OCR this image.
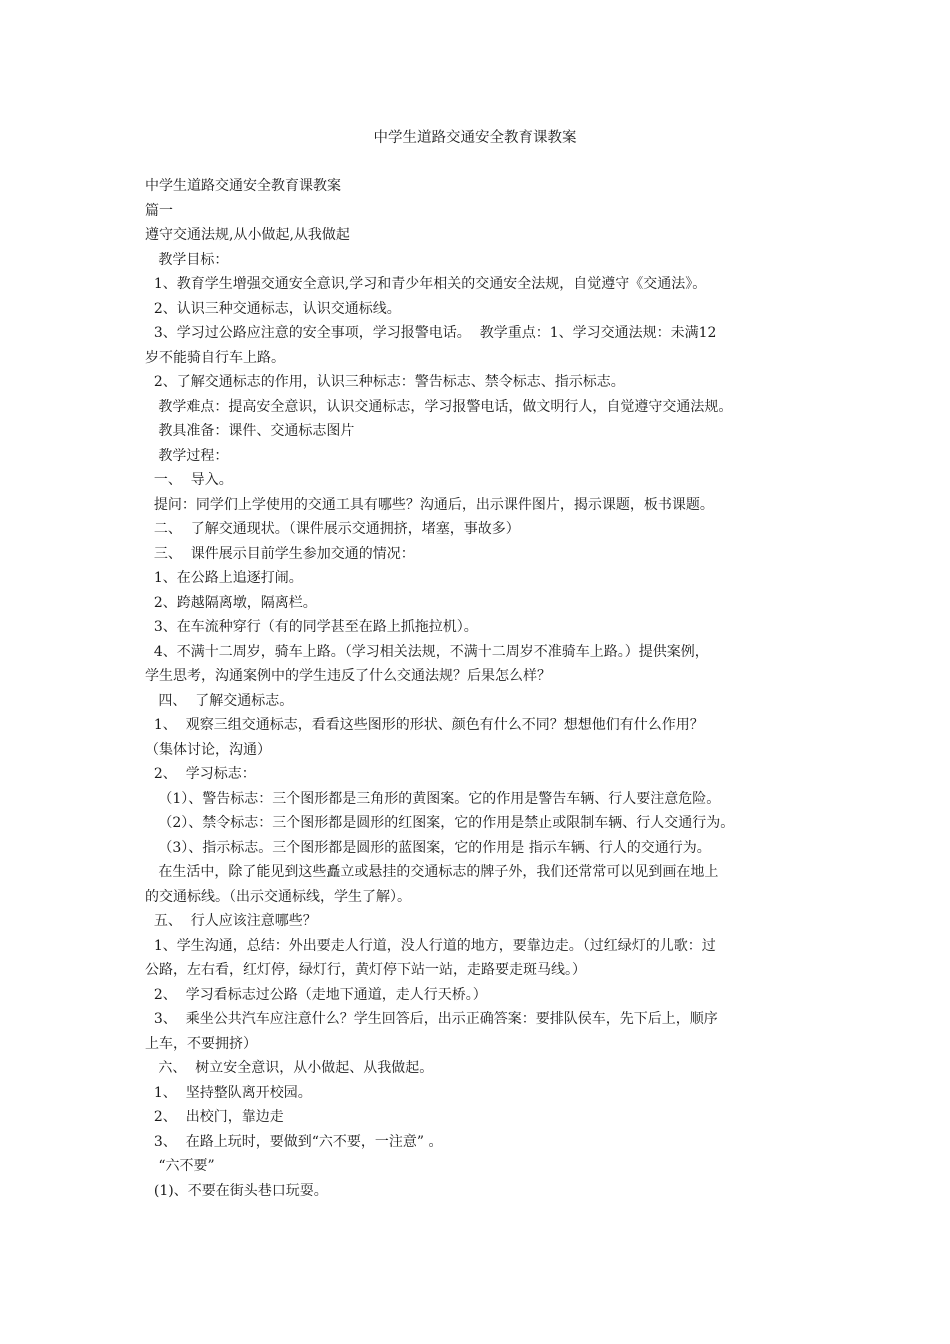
中学生道路交通安全教育课教案
中学生道路交通安全教育课教案
篇一
遵守交通法规,从小做起,从我做起
教学目标：
1、教育学生增强交通安全意识,学习和青少年相关的交通安全法规，自觉遵守《交通法》。
2、认识三种交通标志，认识交通标线。
3、学习过公路应注意的安全事项，学习报警电话。  教学重点：1、学习交通法规：未满12
岁不能骑自行车上路。
2、了解交通标志的作用，认识三种标志：警告标志、禁令标志、指示标志。
教学难点：提高安全意识，认识交通标志，学习报警电话，做文明行人，自觉遵守交通法规。
教具准备：课件、交通标志图片
教学过程：
一、  导入。
提问：同学们上学使用的交通工具有哪些？沟通后，出示课件图片，揭示课题，板书课题。
二、  了解交通现状。（课件展示交通拥挤，堵塞，事故多）
三、  课件展示目前学生参加交通的情况：
1、在公路上追逐打闹。
2、跨越隔离墩，隔离栏。
3、在车流种穿行（有的同学甚至在路上抓拖拉机）。
4、不满十二周岁，骑车上路。（学习相关法规，不满十二周岁不准骑车上路。）提供案例，
学生思考，沟通案例中的学生违反了什么交通法规？后果怎么样？
四、  了解交通标志。
1、  观察三组交通标志，看看这些图形的形状、颜色有什么不同？想想他们有什么作用？
（集体讨论，沟通）
2、  学习标志：
（1）、警告标志：三个图形都是三角形的黄图案。它的作用是警告车辆、行人要注意危险。
（2）、禁令标志：三个图形都是圆形的红图案，它的作用是禁止或限制车辆、行人交通行为。
（3）、指示标志。三个图形都是圆形的蓝图案，它的作用是 指示车辆、行人的交通行为。
在生活中，除了能见到这些矗立或悬挂的交通标志的牌子外，我们还常常可以见到画在地上
的交通标线。（出示交通标线，学生了解）。
五、  行人应该注意哪些？
1、学生沟通，总结：外出要走人行道，没人行道的地方，要靠边走。（过红绿灯的儿歌：过
公路，左右看，红灯停，绿灯行，黄灯停下站一站，走路要走斑马线。）
2、  学习看标志过公路（走地下通道，走人行天桥。）
3、  乘坐公共汽车应注意什么？学生回答后，出示正确答案：要排队侯车，先下后上，顺序
上车，不要拥挤）
六、  树立安全意识，从小做起、从我做起。
1、  坚持整队离开校园。
2、  出校门，靠边走
3、  在路上玩时，要做到“六不要，一注意” 。
“六不要”
(1)、不要在街头巷口玩耍。
